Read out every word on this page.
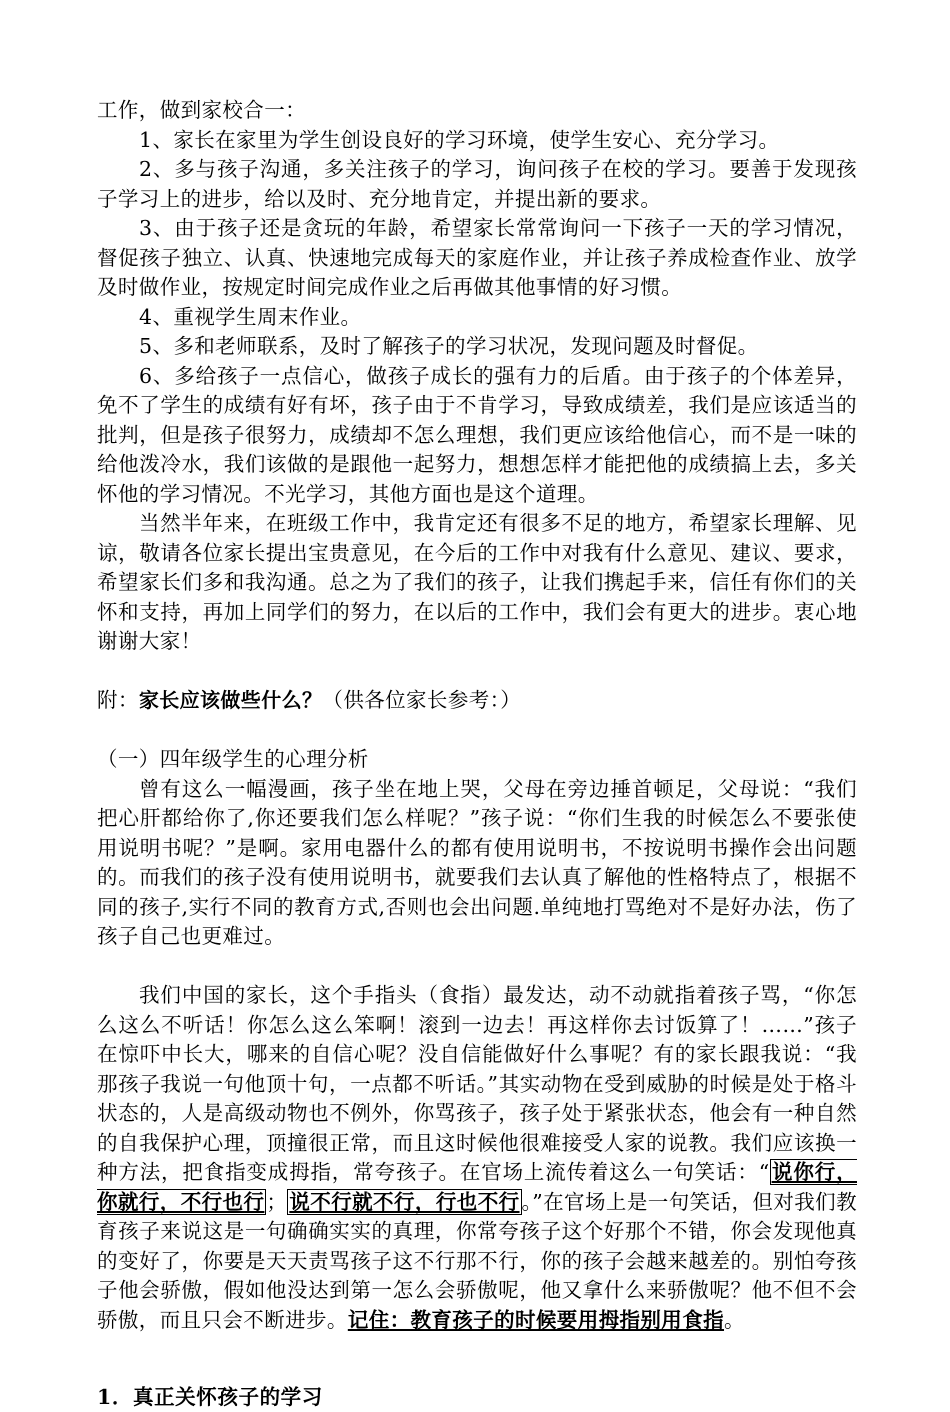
工作，做到家校合一：

1、家长在家里为学生创设良好的学习环境，使学生安心、充分学习。

2、多与孩子沟通，多关注孩子的学习，询问孩子在校的学习。要善于发现孩子学习上的进步，给以及时、充分地肯定，并提出新的要求。

3、由于孩子还是贪玩的年龄，希望家长常常询问一下孩子一天的学习情况，督促孩子独立、认真、快速地完成每天的家庭作业，并让孩子养成检查作业、放学及时做作业，按规定时间完成作业之后再做其他事情的好习惯。

4、重视学生周末作业。

5、多和老师联系，及时了解孩子的学习状况，发现问题及时督促。

6、多给孩子一点信心，做孩子成长的强有力的后盾。由于孩子的个体差异，免不了学生的成绩有好有坏，孩子由于不肯学习，导致成绩差，我们是应该适当的批判，但是孩子很努力，成绩却不怎么理想，我们更应该给他信心，而不是一味的给他泼冷水，我们该做的是跟他一起努力，想想怎样才能把他的成绩搞上去，多关怀他的学习情况。不光学习，其他方面也是这个道理。

当然半年来，在班级工作中，我肯定还有很多不足的地方，希望家长理解、见谅，敬请各位家长提出宝贵意见，在今后的工作中对我有什么意见、建议、要求，希望家长们多和我沟通。总之为了我们的孩子，让我们携起手来，信任有你们的关怀和支持，再加上同学们的努力，在以后的工作中，我们会有更大的进步。衷心地谢谢大家！

附：家长应该做些什么？（供各位家长参考：）

（一）四年级学生的心理分析

曾有这么一幅漫画，孩子坐在地上哭，父母在旁边捶首顿足，父母说：“我们把心肝都给你了,你还要我们怎么样呢？”孩子说：“你们生我的时候怎么不要张使用说明书呢？”是啊。家用电器什么的都有使用说明书，不按说明书操作会出问题的。而我们的孩子没有使用说明书，就要我们去认真了解他的性格特点了，根据不同的孩子,实行不同的教育方式,否则也会出问题.单纯地打骂绝对不是好办法，伤了孩子自己也更难过。

我们中国的家长，这个手指头（食指）最发达，动不动就指着孩子骂，“你怎么这么不听话！你怎么这么笨啊！滚到一边去！再这样你去讨饭算了！……”孩子在惊吓中长大，哪来的自信心呢？没自信能做好什么事呢？有的家长跟我说：“我那孩子我说一句他顶十句，一点都不听话。”其实动物在受到威胁的时候是处于格斗状态的，人是高级动物也不例外，你骂孩子，孩子处于紧张状态，他会有一种自然的自我保护心理，顶撞很正常，而且这时候他很难接受人家的说教。我们应该换一种方法，把食指变成拇指，常夸孩子。在官场上流传着这么一句笑话：“说你行，你就行，不行也行；说不行就不行，行也不行。”在官场上是一句笑话，但对我们教育孩子来说这是一句确确实实的真理，你常夸孩子这个好那个不错，你会发现他真的变好了，你要是天天责骂孩子这不行那不行，你的孩子会越来越差的。别怕夸孩子他会骄傲，假如他没达到第一怎么会骄傲呢，他又拿什么来骄傲呢？他不但不会骄傲，而且只会不断进步。记住：教育孩子的时候要用拇指别用食指。

1．真正关怀孩子的学习
